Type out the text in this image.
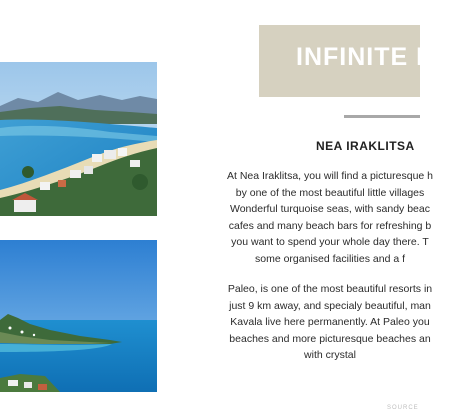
INFINITE BE
NEA IRAKLITSA

At Nea Iraklitsa, you will find a picturesque h
by one of the most beautiful little villages
Wonderful turquoise seas, with sandy beac
cafes and many beach bars for refreshing b
you want to spend your whole day there. T
some organised facilities and a f

Paleo, is one of the most beautiful resorts in
just 9 km away, and specialy beautiful, man
Kavala live here permanently. At Paleo you
beaches and more picturesque beaches an
with crystal

SOURCE
